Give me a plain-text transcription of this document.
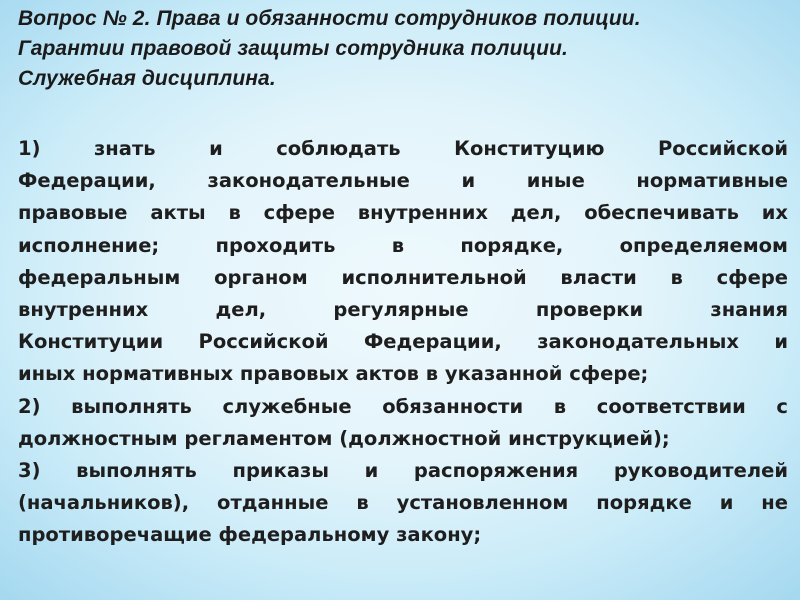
Вопрос № 2. Права и обязанности сотрудников полиции.
Гарантии правовой защиты сотрудника полиции.
Служебная дисциплина.
1) знать и соблюдать Конституцию Российской
Федерации, законодательные и иные нормативные
правовые акты в сфере внутренних дел, обеспечивать их
исполнение; проходить в порядке, определяемом
федеральным органом исполнительной власти в сфере
внутренних дел, регулярные проверки знания
Конституции Российской Федерации, законодательных и
иных нормативных правовых актов в указанной сфере;
2) выполнять служебные обязанности в соответствии с
должностным регламентом (должностной инструкцией);
3) выполнять приказы и распоряжения руководителей
(начальников), отданные в установленном порядке и не
противоречащие федеральному закону;
